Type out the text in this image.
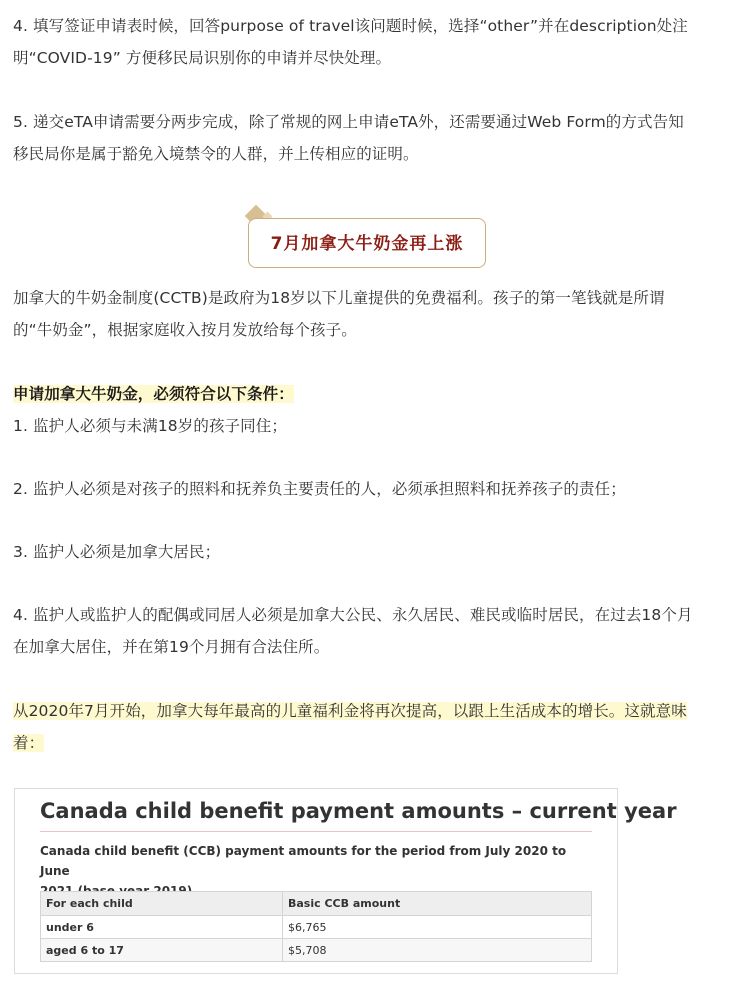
4. 填写签证申请表时候，回答purpose of travel该问题时候，选择“other”并在description处注
明“COVID-19” 方便移民局识别你的申请并尽快处理。
5. 递交eTA申请需要分两步完成，除了常规的网上申请eTA外，还需要通过Web Form的方式告知
移民局你是属于豁免入境禁令的人群，并上传相应的证明。
7月加拿大牛奶金再上涨
加拿大的牛奶金制度(CCTB)是政府为18岁以下儿童提供的免费福利。孩子的第一笔钱就是所谓
的“牛奶金”，根据家庭收入按月发放给每个孩子。
申请加拿大牛奶金，必须符合以下条件：
1. 监护人必须与未满18岁的孩子同住；
2. 监护人必须是对孩子的照料和抚养负主要责任的人，必须承担照料和抚养孩子的责任；
3. 监护人必须是加拿大居民；
4. 监护人或监护人的配偶或同居人必须是加拿大公民、永久居民、难民或临时居民，在过去18个月
在加拿大居住，并在第19个月拥有合法住所。
从2020年7月开始，加拿大每年最高的儿童福利金将再次提高，以跟上生活成本的增长。这就意味
着：
Canada child benefit payment amounts – current year
Canada child benefit (CCB) payment amounts for the period from July 2020 to June
For each child	Basic CCB amount
under 6	$6,765
aged 6 to 17	$5,708
